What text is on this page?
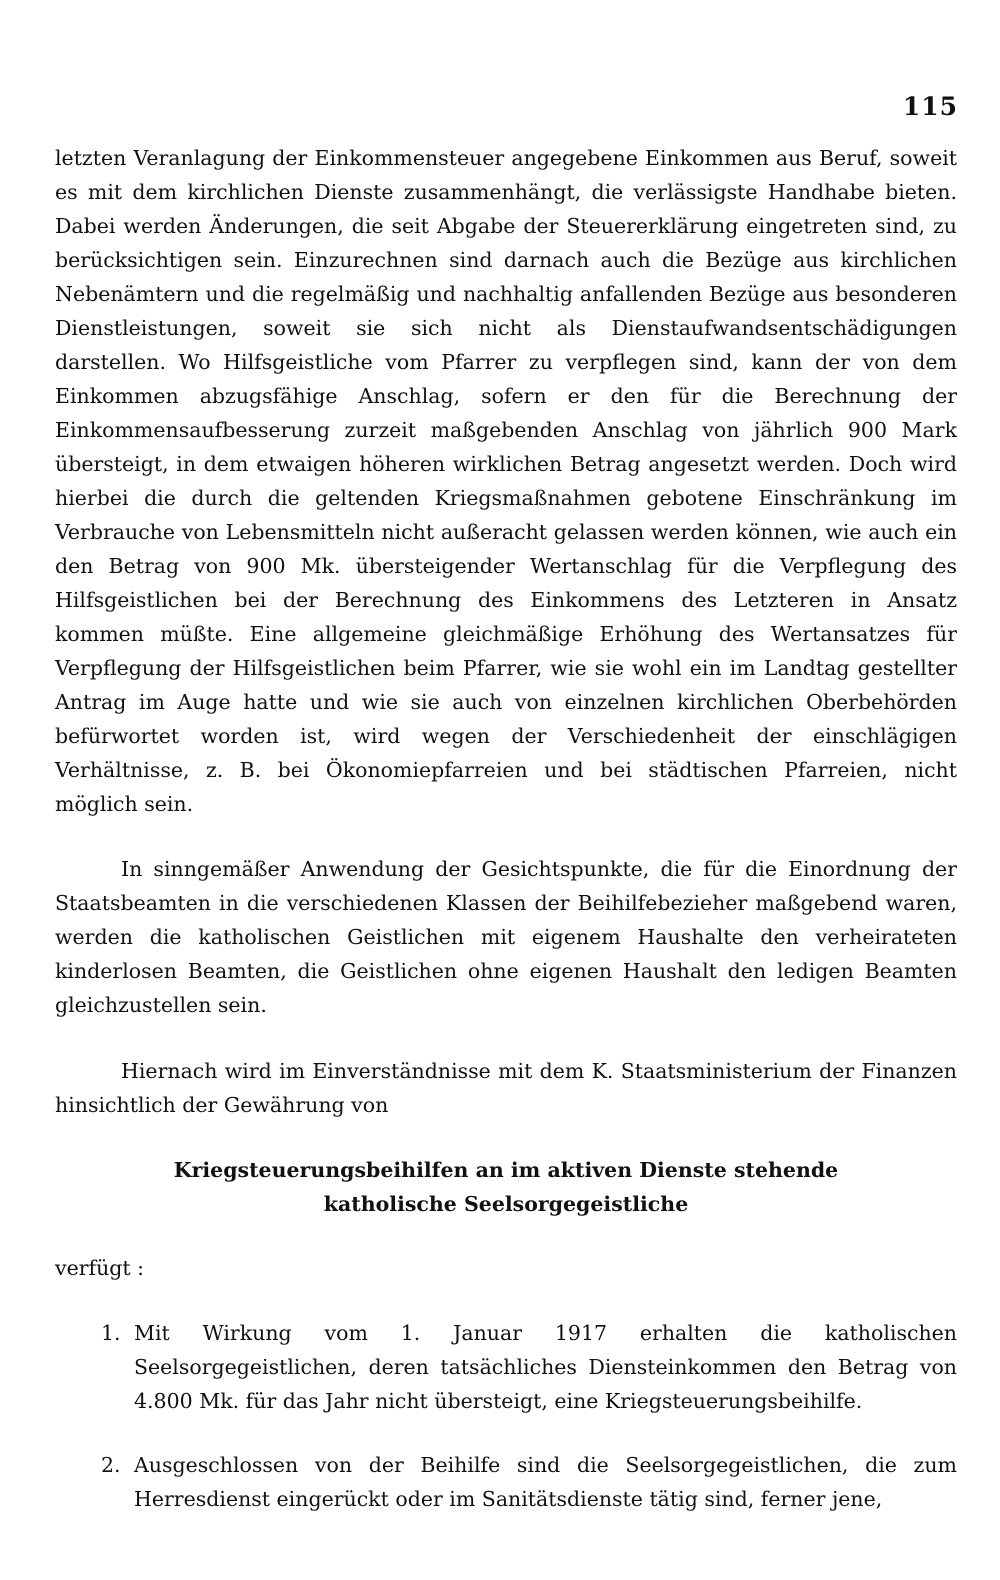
115
letzten Veranlagung der Einkommensteuer angegebene Einkommen aus Beruf, soweit es mit dem kirchlichen Dienste zusammenhängt, die verlässigste Handhabe bieten. Dabei werden Änderungen, die seit Abgabe der Steuererklärung eingetreten sind, zu berücksichtigen sein. Einzurechnen sind darnach auch die Bezüge aus kirchlichen Nebenämtern und die regelmäßig und nachhaltig anfallenden Bezüge aus besonderen Dienstleistungen, soweit sie sich nicht als Dienstaufwandsentschädigungen darstellen. Wo Hilfsgeistliche vom Pfarrer zu verpflegen sind, kann der von dem Einkommen abzugsfähige Anschlag, sofern er den für die Berechnung der Einkommensaufbesserung zurzeit maßgebenden Anschlag von jährlich 900 Mark übersteigt, in dem etwaigen höheren wirklichen Betrag angesetzt werden. Doch wird hierbei die durch die geltenden Kriegsmaßnahmen gebotene Einschränkung im Verbrauche von Lebensmitteln nicht außeracht gelassen werden können, wie auch ein den Betrag von 900 Mk. übersteigender Wertanschlag für die Verpflegung des Hilfsgeistlichen bei der Berechnung des Einkommens des Letzteren in Ansatz kommen müßte. Eine allgemeine gleichmäßige Erhöhung des Wertansatzes für Verpflegung der Hilfsgeistlichen beim Pfarrer, wie sie wohl ein im Landtag gestellter Antrag im Auge hatte und wie sie auch von einzelnen kirchlichen Oberbehörden befürwortet worden ist, wird wegen der Verschiedenheit der einschlägigen Verhältnisse, z. B. bei Ökonomiepfarreien und bei städtischen Pfarreien, nicht möglich sein.
In sinngemäßer Anwendung der Gesichtspunkte, die für die Einordnung der Staatsbeamten in die verschiedenen Klassen der Beihilfebezieher maßgebend waren, werden die katholischen Geistlichen mit eigenem Haushalte den verheirateten kinderlosen Beamten, die Geistlichen ohne eigenen Haushalt den ledigen Beamten gleichzustellen sein.
Hiernach wird im Einverständnisse mit dem K. Staatsministerium der Finanzen hinsichtlich der Gewährung von
Kriegsteuerungsbeihilfen an im aktiven Dienste stehende
katholische Seelsorgegeistliche
verfügt :
1. Mit Wirkung vom 1. Januar 1917 erhalten die katholischen Seelsorgegeistlichen, deren tatsächliches Diensteinkommen den Betrag von 4.800 Mk. für das Jahr nicht übersteigt, eine Kriegsteuerungsbeihilfe.
2. Ausgeschlossen von der Beihilfe sind die Seelsorgegeistlichen, die zum Herresdienst eingerückt oder im Sanitätsdienste tätig sind, ferner jene,
